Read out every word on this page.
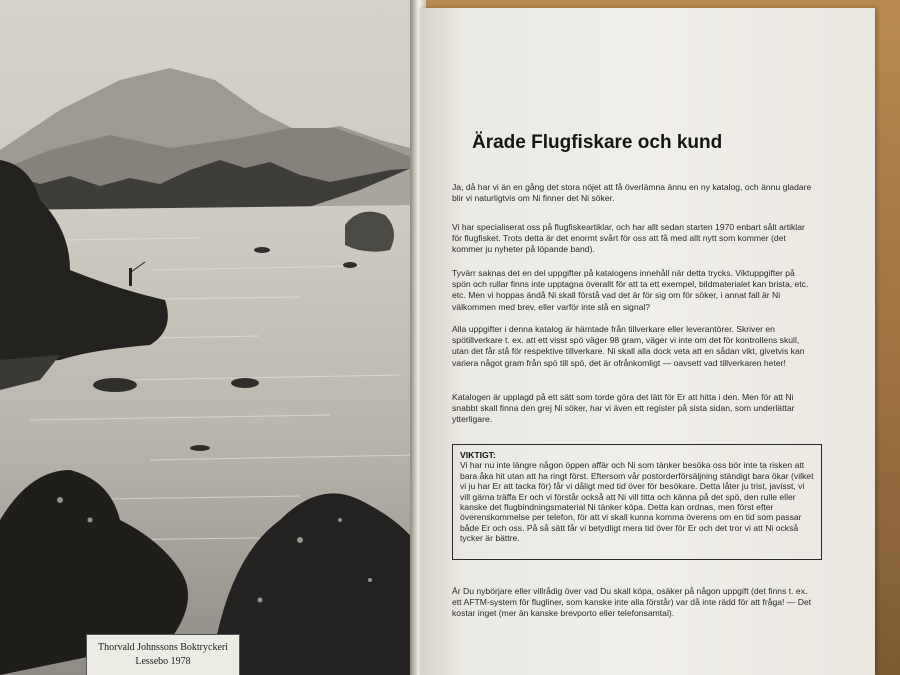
Thorvald Johnssons Boktryckeri
Lessebo 1978
Ärade Flugfiskare och kund

Ja, då har vi än en gång det stora nöjet att få överlämna ännu en ny katalog, och ännu gladare blir vi naturligtvis om Ni finner det Ni söker.

Vi har specialiserat oss på flugfiskeartiklar, och har allt sedan starten 1970 enbart sålt artiklar för flugfisket. Trots detta är det enormt svårt för oss att få med allt nytt som kommer (det kommer ju nyheter på löpande band).

Tyvärr saknas det en del uppgifter på katalogens innehåll när detta trycks. Viktuppgifter på spön och rullar finns inte upptagna överallt för att ta ett exempel, bildmaterialet kan brista, etc. etc. Men vi hoppas ändå Ni skall förstå vad det är för sig om för söker, i annat fall är Ni välkommen med brev, eller varför inte slå en signal?

Alla uppgifter i denna katalog är hämtade från tillverkare eller leverantörer. Skriver en spötillverkare t. ex. att ett visst spö väger 98 gram, väger vi inte om det för kontrollens skull, utan det får stå för respektive tillverkare. Ni skall alla dock veta att en sådan vikt, givetvis kan variera något gram från spö till spö, det är ofrånkomligt — oavsett vad tillverkaren heter!

Katalogen är upplagd på ett sätt som torde göra det lätt för Er att hitta i den. Men för att Ni snabbt skall finna den grej Ni söker, har vi även ett register på sista sidan, som underlättar ytterligare.

VIKTIGT:
Vi har nu inte längre någon öppen affär och Ni som tänker besöka oss bör inte ta risken att bara åka hit utan att ha ringt först. Eftersom vår postorderförsäljning ständigt bara ökar (vilket vi ju har Er att tacka för) får vi dåligt med tid över för besökare. Detta låter ju trist, javisst, vi vill gärna träffa Er och vi förstår också att Ni vill titta och känna på det spö, den rulle eller kanske det flugbindningsmaterial Ni tänker köpa. Detta kan ordnas, men först efter överenskommelse per telefon, för att vi skall kunna komma överens om en tid som passar både Er och oss. På så sätt får vi betydligt mera tid över för Er och det tror vi att Ni också tycker är bättre.

Är Du nybörjare eller villrådig över vad Du skall köpa, osäker på någon uppgift (det finns t. ex. ett AFTM-system för flugliner, som kanske inte alla förstår) var då inte rädd för att fråga! — Det kostar inget (mer än kanske brevporto eller telefonsamtal).
